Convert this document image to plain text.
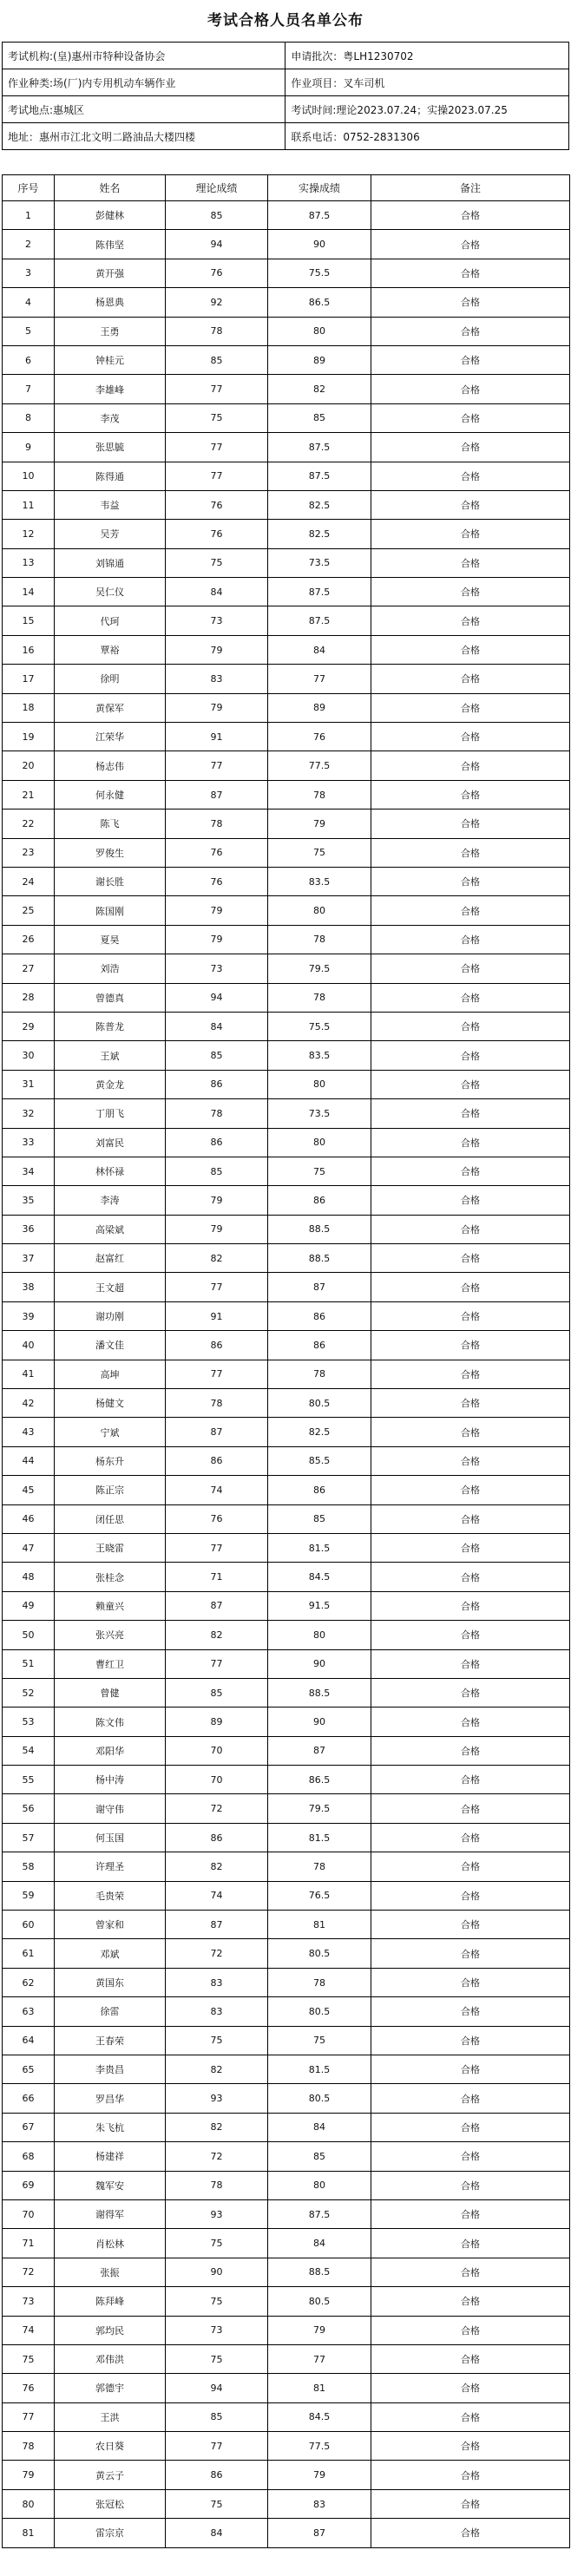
考试合格人员名单公布
考试机构:(皇)惠州市特种设备协会	申请批次：粤LH1230702
作业种类:场(厂)内专用机动车辆作业	作业项目：叉车司机
考试地点:惠城区	考试时间:理论2023.07.24；实操2023.07.25
地址：惠州市江北文明二路油品大楼四楼	联系电话：0752-2831306
序号	姓名	理论成绩	实操成绩	备注
1	彭健林	85	87.5	合格
2	陈伟坚	94	90	合格
3	黄开强	76	75.5	合格
4	杨恩典	92	86.5	合格
5	王勇	78	80	合格
6	钟桂元	85	89	合格
7	李雄峰	77	82	合格
8	李茂	75	85	合格
9	张思毓	77	87.5	合格
10	陈得通	77	87.5	合格
11	韦益	76	82.5	合格
12	吴芳	76	82.5	合格
13	刘锦通	75	73.5	合格
14	吴仁仪	84	87.5	合格
15	代珂	73	87.5	合格
16	覃裕	79	84	合格
17	徐明	83	77	合格
18	黄保军	79	89	合格
19	江荣华	91	76	合格
20	杨志伟	77	77.5	合格
21	何永健	87	78	合格
22	陈飞	78	79	合格
23	罗俊生	76	75	合格
24	谢长胜	76	83.5	合格
25	陈国刚	79	80	合格
26	夏昊	79	78	合格
27	刘浩	73	79.5	合格
28	曾德真	94	78	合格
29	陈普龙	84	75.5	合格
30	王斌	85	83.5	合格
31	黄金龙	86	80	合格
32	丁朋飞	78	73.5	合格
33	刘富民	86	80	合格
34	林怀禄	85	75	合格
35	李涛	79	86	合格
36	高梁斌	79	88.5	合格
37	赵富红	82	88.5	合格
38	王文超	77	87	合格
39	谢功刚	91	86	合格
40	潘文佳	86	86	合格
41	高坤	77	78	合格
42	杨健文	78	80.5	合格
43	宁斌	87	82.5	合格
44	杨东升	86	85.5	合格
45	陈正宗	74	86	合格
46	闭任思	76	85	合格
47	王晓雷	77	81.5	合格
48	张桂念	71	84.5	合格
49	赖童兴	87	91.5	合格
50	张兴亮	82	80	合格
51	曹红卫	77	90	合格
52	曾健	85	88.5	合格
53	陈文伟	89	90	合格
54	邓阳华	70	87	合格
55	杨中涛	70	86.5	合格
56	谢守伟	72	79.5	合格
57	何玉国	86	81.5	合格
58	许理圣	82	78	合格
59	毛贵荣	74	76.5	合格
60	曾家和	87	81	合格
61	邓斌	72	80.5	合格
62	黄国东	83	78	合格
63	徐雷	83	80.5	合格
64	王春荣	75	75	合格
65	李贵昌	82	81.5	合格
66	罗昌华	93	80.5	合格
67	朱飞杭	82	84	合格
68	杨建祥	72	85	合格
69	魏军安	78	80	合格
70	谢得军	93	87.5	合格
71	肖松林	75	84	合格
72	张振	90	88.5	合格
73	陈拜峰	75	80.5	合格
74	郭均民	73	79	合格
75	邓伟洪	75	77	合格
76	郭德宇	94	81	合格
77	王洪	85	84.5	合格
78	农日葵	77	77.5	合格
79	黄云子	86	79	合格
80	张冠松	75	83	合格
81	雷宗京	84	87	合格
